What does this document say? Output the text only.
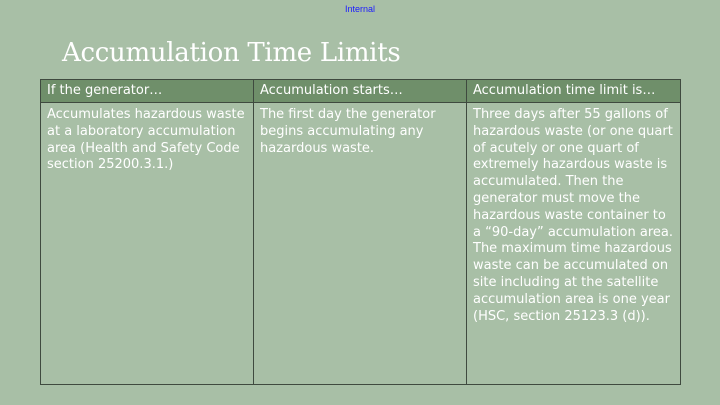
Internal
Accumulation Time Limits
If the generator…	Accumulation starts…	Accumulation time limit is…
Accumulates hazardous waste at a laboratory accumulation area (Health and Safety Code section 25200.3.1.)	The first day the generator begins accumulating any hazardous waste.	Three days after 55 gallons of hazardous waste (or one quart of acutely or one quart of extremely hazardous waste is accumulated. Then the generator must move the hazardous waste container to a “90-day” accumulation area. The maximum time hazardous waste can be accumulated on site including at the satellite accumulation area is one year (HSC, section 25123.3 (d)).
